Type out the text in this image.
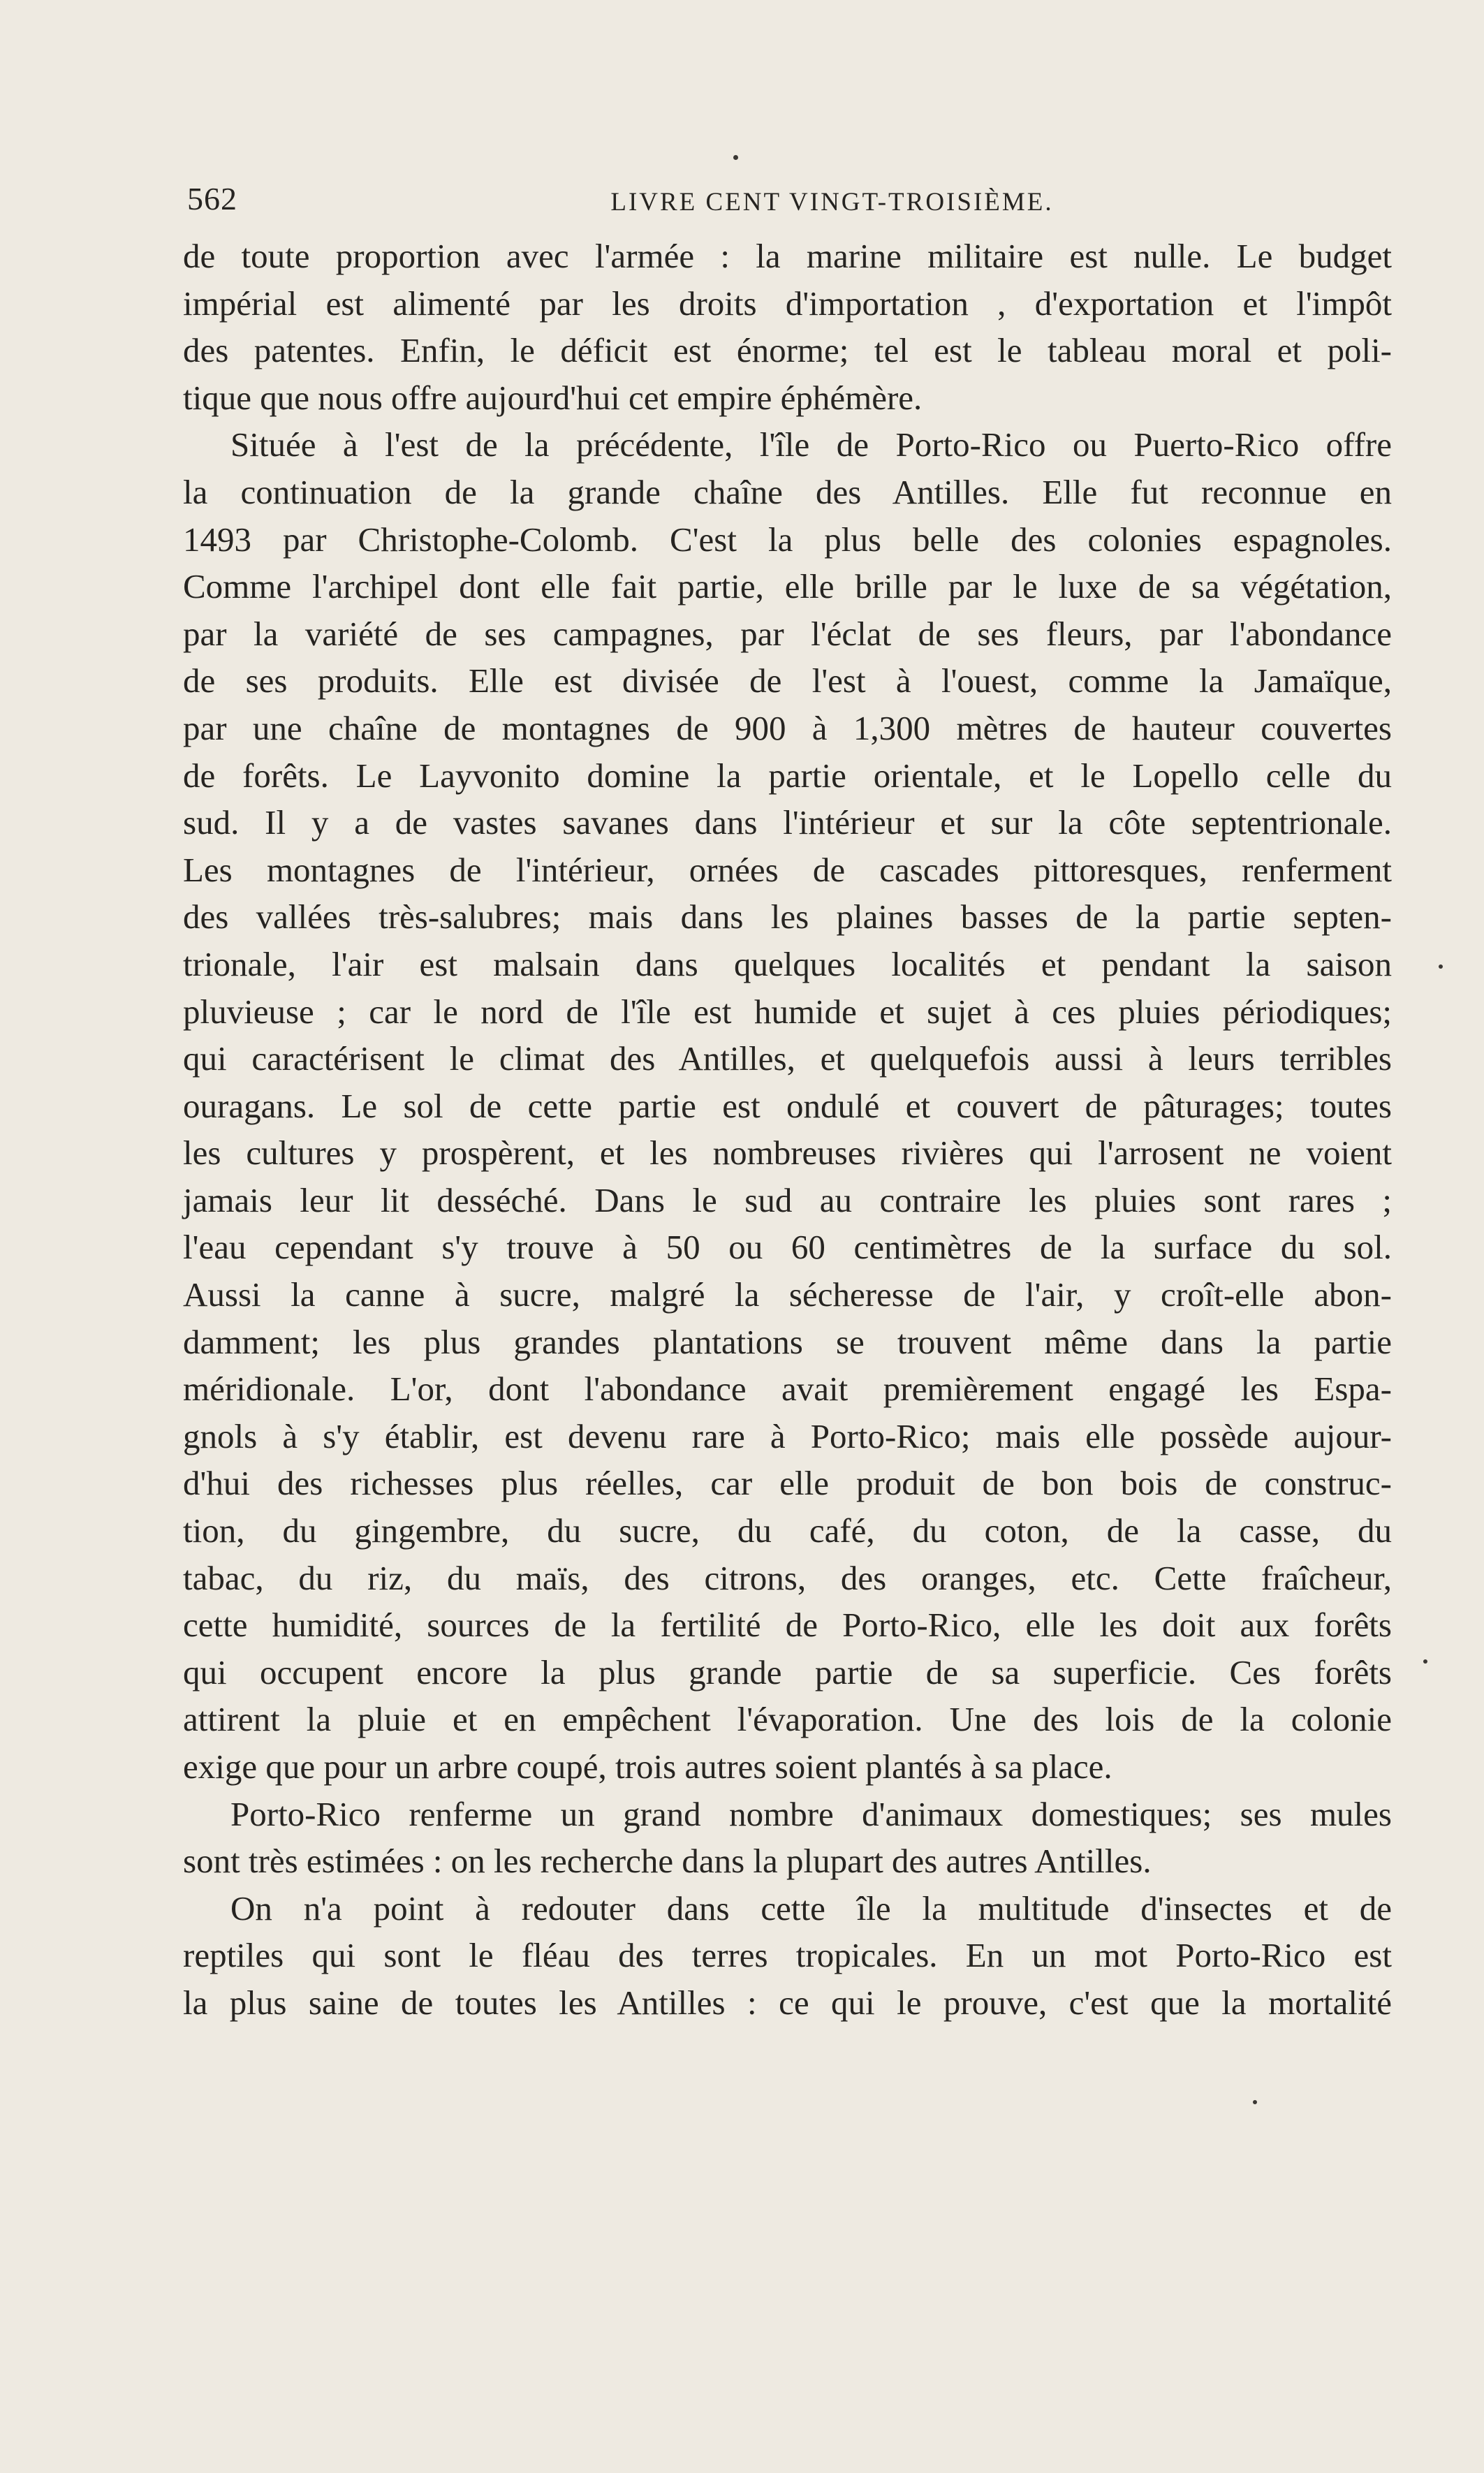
562	LIVRE CENT VINGT-TROISIÈME.
de toute proportion avec l'armée : la marine militaire est nulle. Le budget
impérial est alimenté par les droits d'importation , d'exportation et l'impôt
des patentes. Enfin, le déficit est énorme; tel est le tableau moral et poli-
tique que nous offre aujourd'hui cet empire éphémère.
Située à l'est de la précédente, l'île de Porto-Rico ou Puerto-Rico offre
la continuation de la grande chaîne des Antilles. Elle fut reconnue en
1493 par Christophe-Colomb. C'est la plus belle des colonies espagnoles.
Comme l'archipel dont elle fait partie, elle brille par le luxe de sa végétation,
par la variété de ses campagnes, par l'éclat de ses fleurs, par l'abondance
de ses produits. Elle est divisée de l'est à l'ouest, comme la Jamaïque,
par une chaîne de montagnes de 900 à 1,300 mètres de hauteur couvertes
de forêts. Le Layvonito domine la partie orientale, et le Lopello celle du
sud. Il y a de vastes savanes dans l'intérieur et sur la côte septentrionale.
Les montagnes de l'intérieur, ornées de cascades pittoresques, renferment
des vallées très-salubres; mais dans les plaines basses de la partie septen-
trionale, l'air est malsain dans quelques localités et pendant la saison
pluvieuse ; car le nord de l'île est humide et sujet à ces pluies périodiques;
qui caractérisent le climat des Antilles, et quelquefois aussi à leurs terribles
ouragans. Le sol de cette partie est ondulé et couvert de pâturages; toutes
les cultures y prospèrent, et les nombreuses rivières qui l'arrosent ne voient
jamais leur lit desséché. Dans le sud au contraire les pluies sont rares ;
l'eau cependant s'y trouve à 50 ou 60 centimètres de la surface du sol.
Aussi la canne à sucre, malgré la sécheresse de l'air, y croît-elle abon-
damment; les plus grandes plantations se trouvent même dans la partie
méridionale. L'or, dont l'abondance avait premièrement engagé les Espa-
gnols à s'y établir, est devenu rare à Porto-Rico; mais elle possède aujour-
d'hui des richesses plus réelles, car elle produit de bon bois de construc-
tion, du gingembre, du sucre, du café, du coton, de la casse, du
tabac, du riz, du maïs, des citrons, des oranges, etc. Cette fraîcheur,
cette humidité, sources de la fertilité de Porto-Rico, elle les doit aux forêts
qui occupent encore la plus grande partie de sa superficie. Ces forêts
attirent la pluie et en empêchent l'évaporation. Une des lois de la colonie
exige que pour un arbre coupé, trois autres soient plantés à sa place.
Porto-Rico renferme un grand nombre d'animaux domestiques; ses mules
sont très estimées : on les recherche dans la plupart des autres Antilles.
On n'a point à redouter dans cette île la multitude d'insectes et de
reptiles qui sont le fléau des terres tropicales. En un mot Porto-Rico est
la plus saine de toutes les Antilles : ce qui le prouve, c'est que la mortalité
